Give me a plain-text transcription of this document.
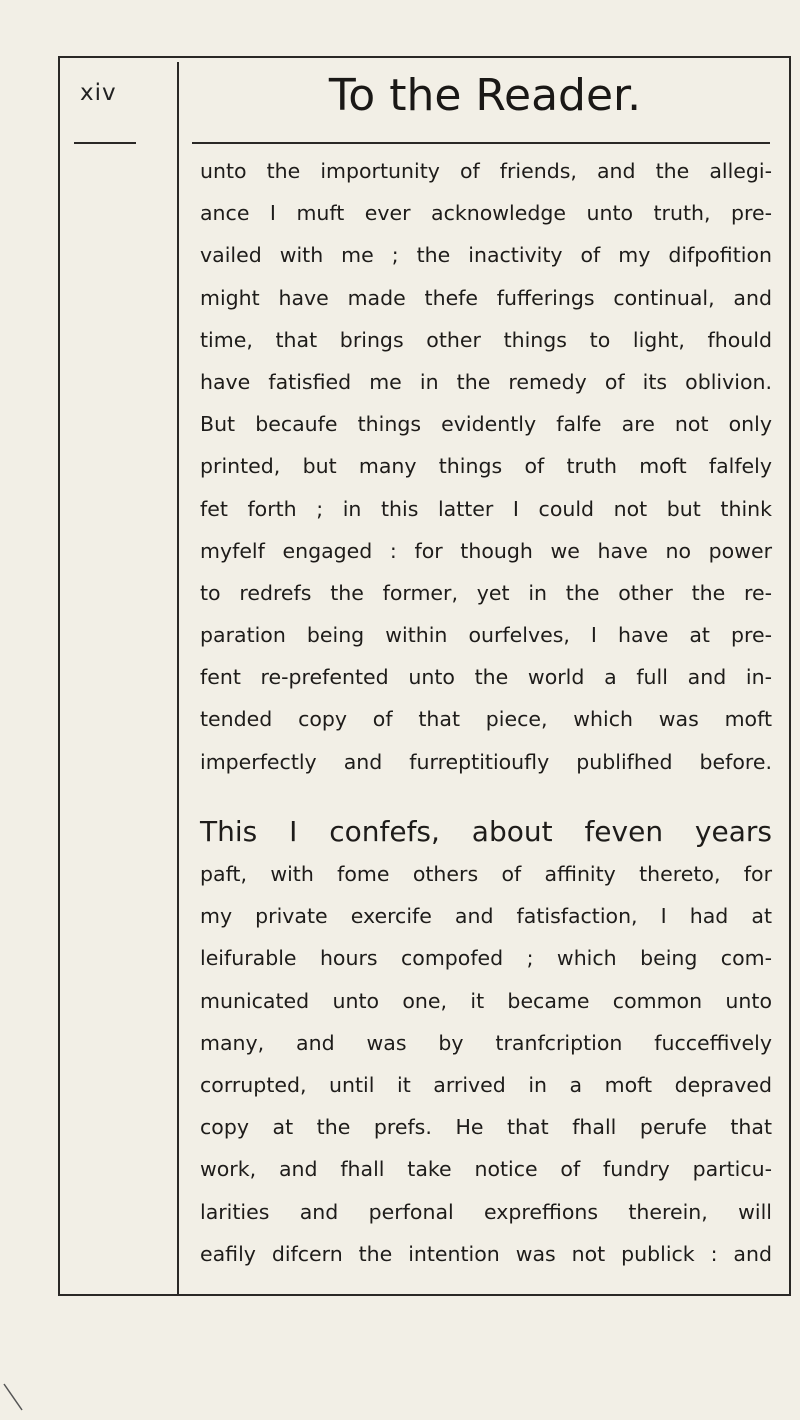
xiv	To the Reader.
unto the importunity of friends, and the allegi-
ance I muft ever acknowledge unto truth, pre-
vailed with me ; the inactivity of my difpofition
might have made thefe fufferings continual, and
time, that brings other things to light, fhould
have fatisfied me in the remedy of its oblivion.
But becaufe things evidently falfe are not only
printed, but many things of truth moft falfely
fet forth ; in this latter I could not but think
myfelf engaged : for though we have no power
to redrefs the former, yet in the other the re-
paration being within ourfelves, I have at pre-
fent re-prefented unto the world a full and in-
tended copy of that piece, which was moft
imperfectly and furreptitioufly publifhed before.
This I confefs, about feven years
paft, with fome others of affinity thereto, for
my private exercife and fatisfaction, I had at
leifurable hours compofed ; which being com-
municated unto one, it became common unto
many, and was by tranfcription fucceffively
corrupted, until it arrived in a moft depraved
copy at the prefs. He that fhall perufe that
work, and fhall take notice of fundry particu-
larities and perfonal expreffions therein, will
eafily difcern the intention was not publick : and
